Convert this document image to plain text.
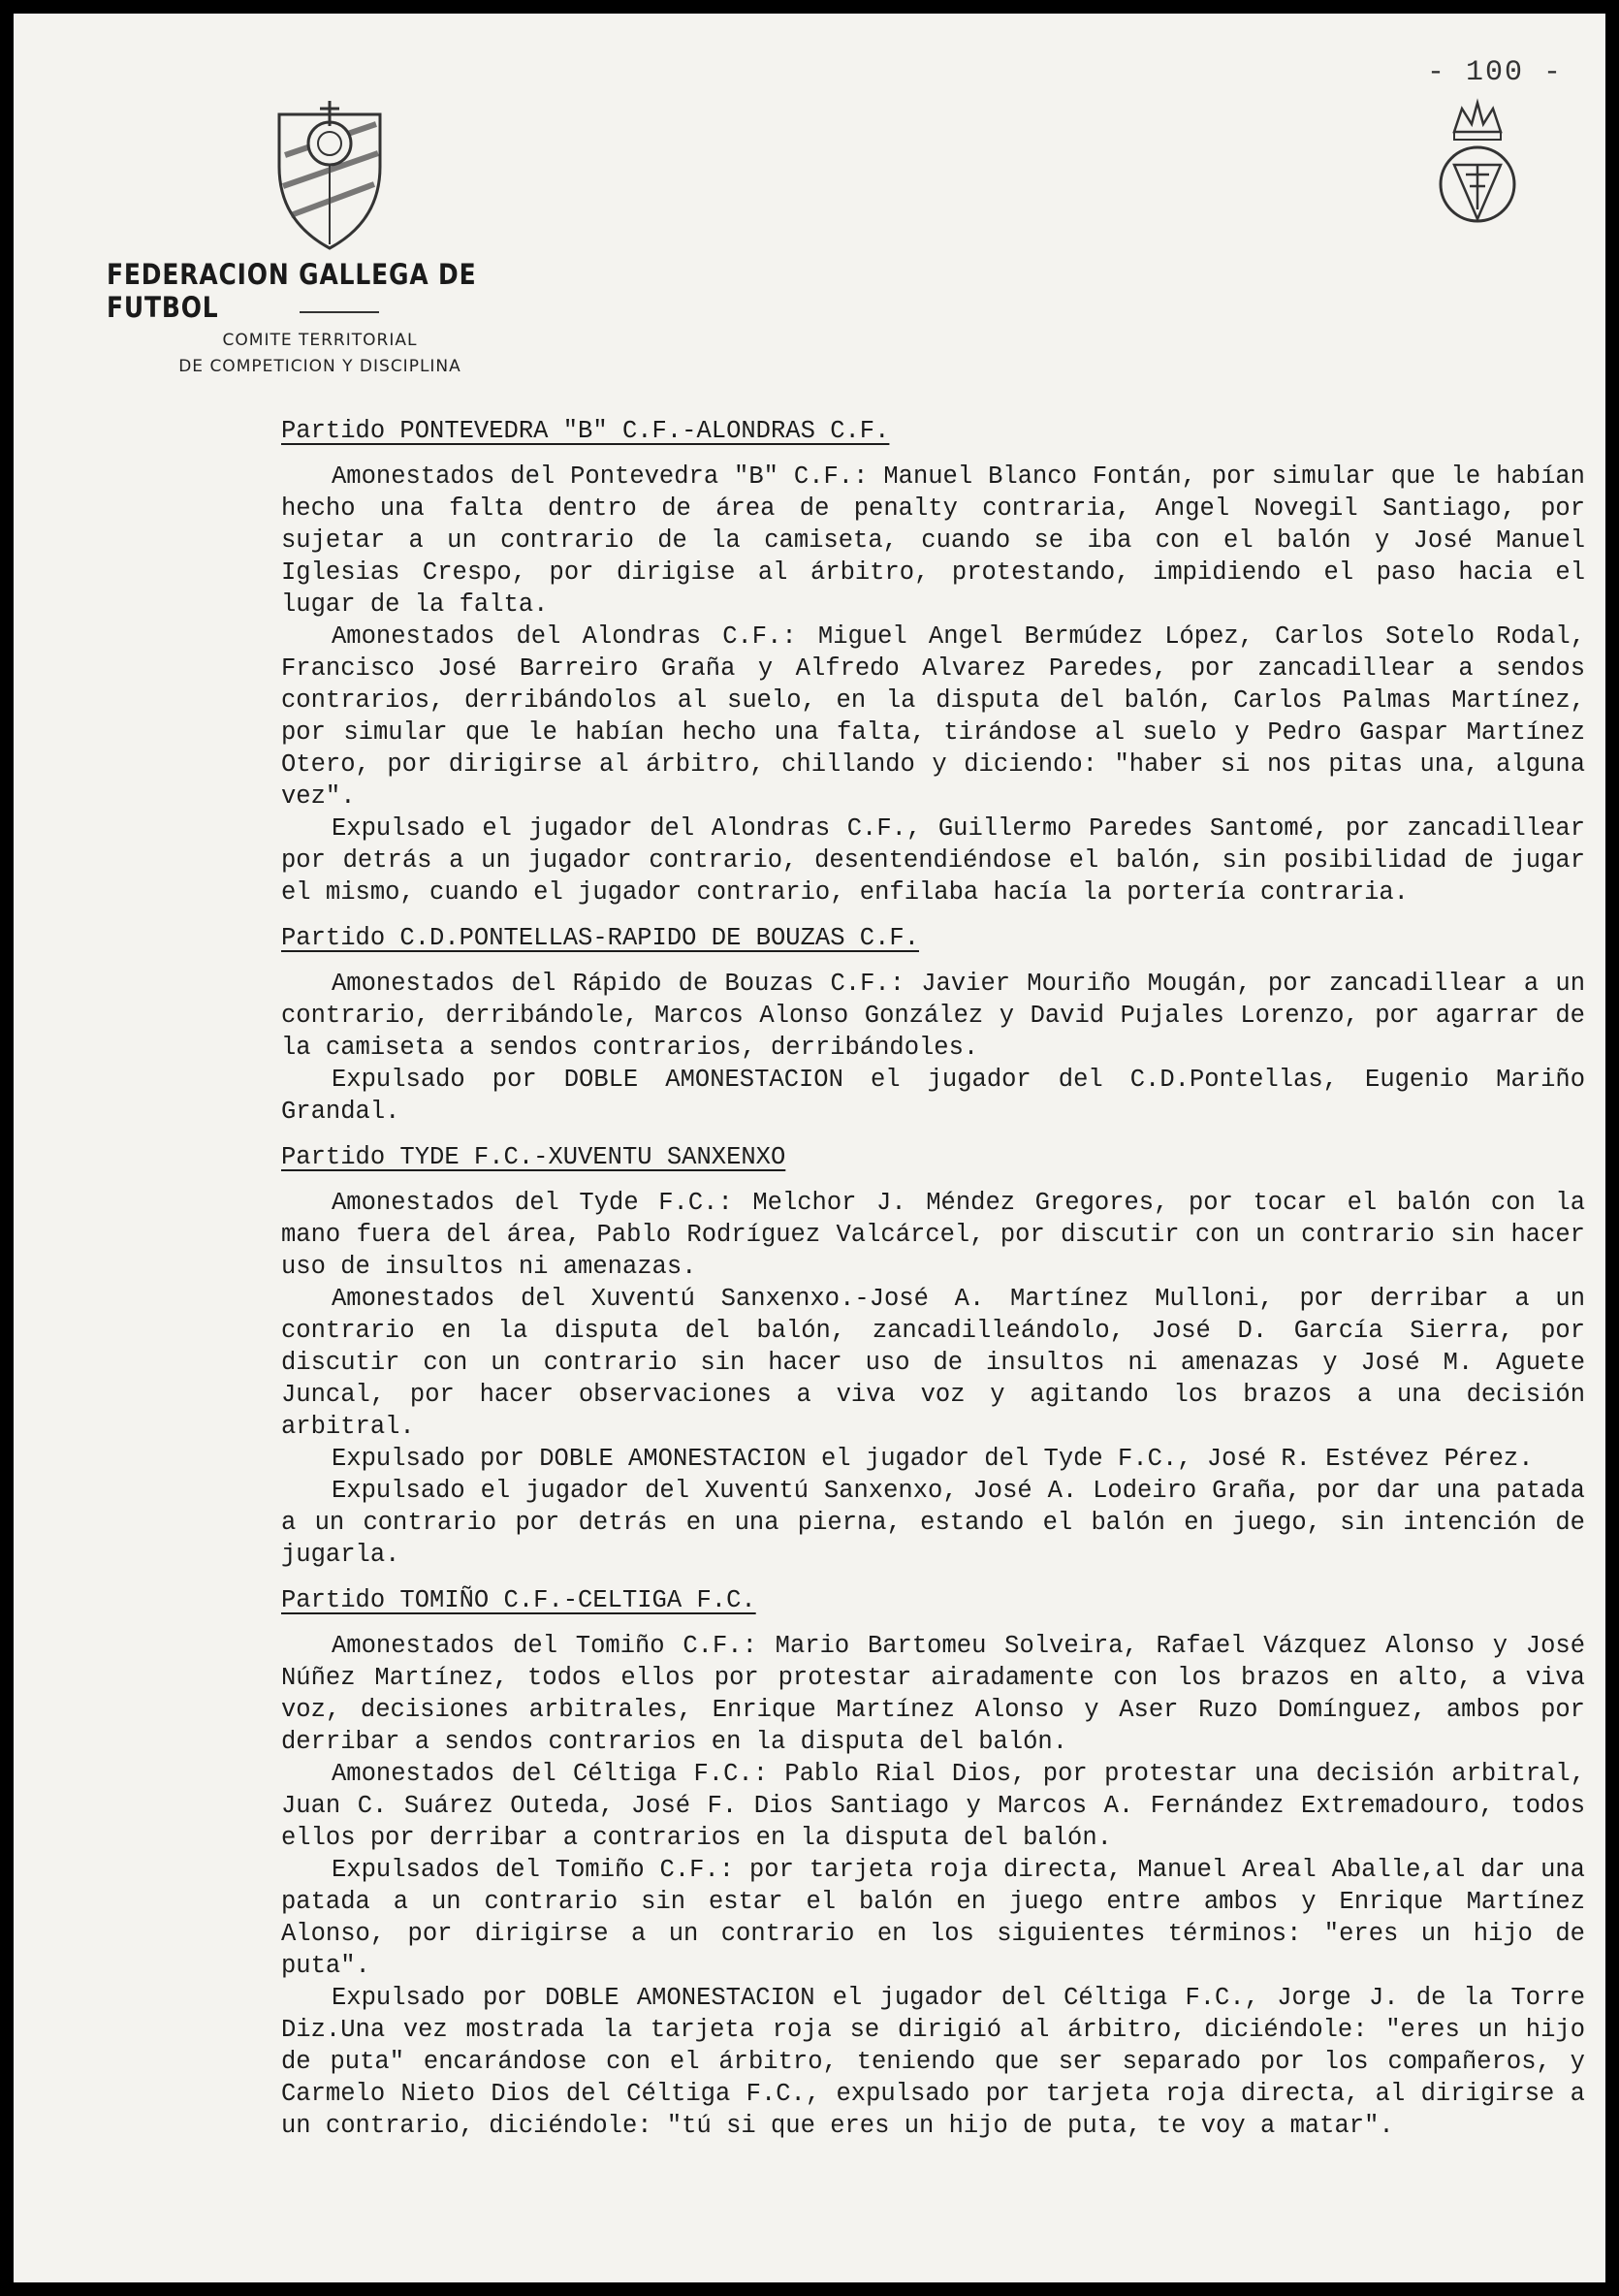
- 100 -
FEDERACION GALLEGA DE FUTBOL
COMITE TERRITORIAL
DE COMPETICION Y DISCIPLINA
Partido PONTEVEDRA "B" C.F.-ALONDRAS C.F.

Amonestados del Pontevedra "B" C.F.: Manuel Blanco Fontán, por simular que le habían hecho una falta dentro de área de penalty contraria, Angel Novegil Santiago, por sujetar a un contrario de la camiseta, cuando se iba con el balón y José Manuel Iglesias Crespo, por dirigise al árbitro, protestando, impidiendo el paso hacia el lugar de la falta.

Amonestados del Alondras C.F.: Miguel Angel Bermúdez López, Carlos Sotelo Rodal, Francisco José Barreiro Graña y Alfredo Alvarez Paredes, por zancadillear a sendos contrarios, derribándolos al suelo, en la disputa del balón, Carlos Palmas Martínez, por simular que le habían hecho una falta, tirándose al suelo y Pedro Gaspar Martínez Otero, por dirigirse al árbitro, chillando y diciendo: "haber si nos pitas una, alguna vez".

Expulsado el jugador del Alondras C.F., Guillermo Paredes Santomé, por zancadillear por detrás a un jugador contrario, desentendiéndose el balón, sin posibilidad de jugar el mismo, cuando el jugador contrario, enfilaba hacía la portería contraria.

Partido C.D.PONTELLAS-RAPIDO DE BOUZAS C.F.

Amonestados del Rápido de Bouzas C.F.: Javier Mouriño Mougán, por zancadillear a un contrario, derribándole, Marcos Alonso González y David Pujales Lorenzo, por agarrar de la camiseta a sendos contrarios, derribándoles.

Expulsado por DOBLE AMONESTACION el jugador del C.D.Pontellas, Eugenio Mariño Grandal.

Partido TYDE F.C.-XUVENTU SANXENXO

Amonestados del Tyde F.C.: Melchor J. Méndez Gregores, por tocar el balón con la mano fuera del área, Pablo Rodríguez Valcárcel, por discutir con un contrario sin hacer uso de insultos ni amenazas.

Amonestados del Xuventú Sanxenxo.-José A. Martínez Mulloni, por derribar a un contrario en la disputa del balón, zancadilleándolo, José D. García Sierra, por discutir con un contrario sin hacer uso de insultos ni amenazas y José M. Aguete Juncal, por hacer observaciones a viva voz y agitando los brazos a una decisión arbitral.

Expulsado por DOBLE AMONESTACION el jugador del Tyde F.C., José R. Estévez Pérez.

Expulsado el jugador del Xuventú Sanxenxo, José A. Lodeiro Graña, por dar una patada a un contrario por detrás en una pierna, estando el balón en juego, sin intención de jugarla.

Partido TOMIÑO C.F.-CELTIGA F.C.

Amonestados del Tomiño C.F.: Mario Bartomeu Solveira, Rafael Vázquez Alonso y José Núñez Martínez, todos ellos por protestar airadamente con los brazos en alto, a viva voz, decisiones arbitrales, Enrique Martínez Alonso y Aser Ruzo Domínguez, ambos por derribar a sendos contrarios en la disputa del balón.

Amonestados del Céltiga F.C.: Pablo Rial Dios, por protestar una decisión arbitral, Juan C. Suárez Outeda, José F. Dios Santiago y Marcos A. Fernández Extremadouro, todos ellos por derribar a contrarios en la disputa del balón.

Expulsados del Tomiño C.F.: por tarjeta roja directa, Manuel Areal Aballe,al dar una patada a un contrario sin estar el balón en juego entre ambos y Enrique Martínez Alonso, por dirigirse a un contrario en los siguientes términos: "eres un hijo de puta".

Expulsado por DOBLE AMONESTACION el jugador del Céltiga F.C., Jorge J. de la Torre Diz.Una vez mostrada la tarjeta roja se dirigió al árbitro, diciéndole: "eres un hijo de puta" encarándose con el árbitro, teniendo que ser separado por los compañeros, y Carmelo Nieto Dios del Céltiga F.C., expulsado por tarjeta roja directa, al dirigirse a un contrario, diciéndole: "tú si que eres un hijo de puta, te voy a matar".
